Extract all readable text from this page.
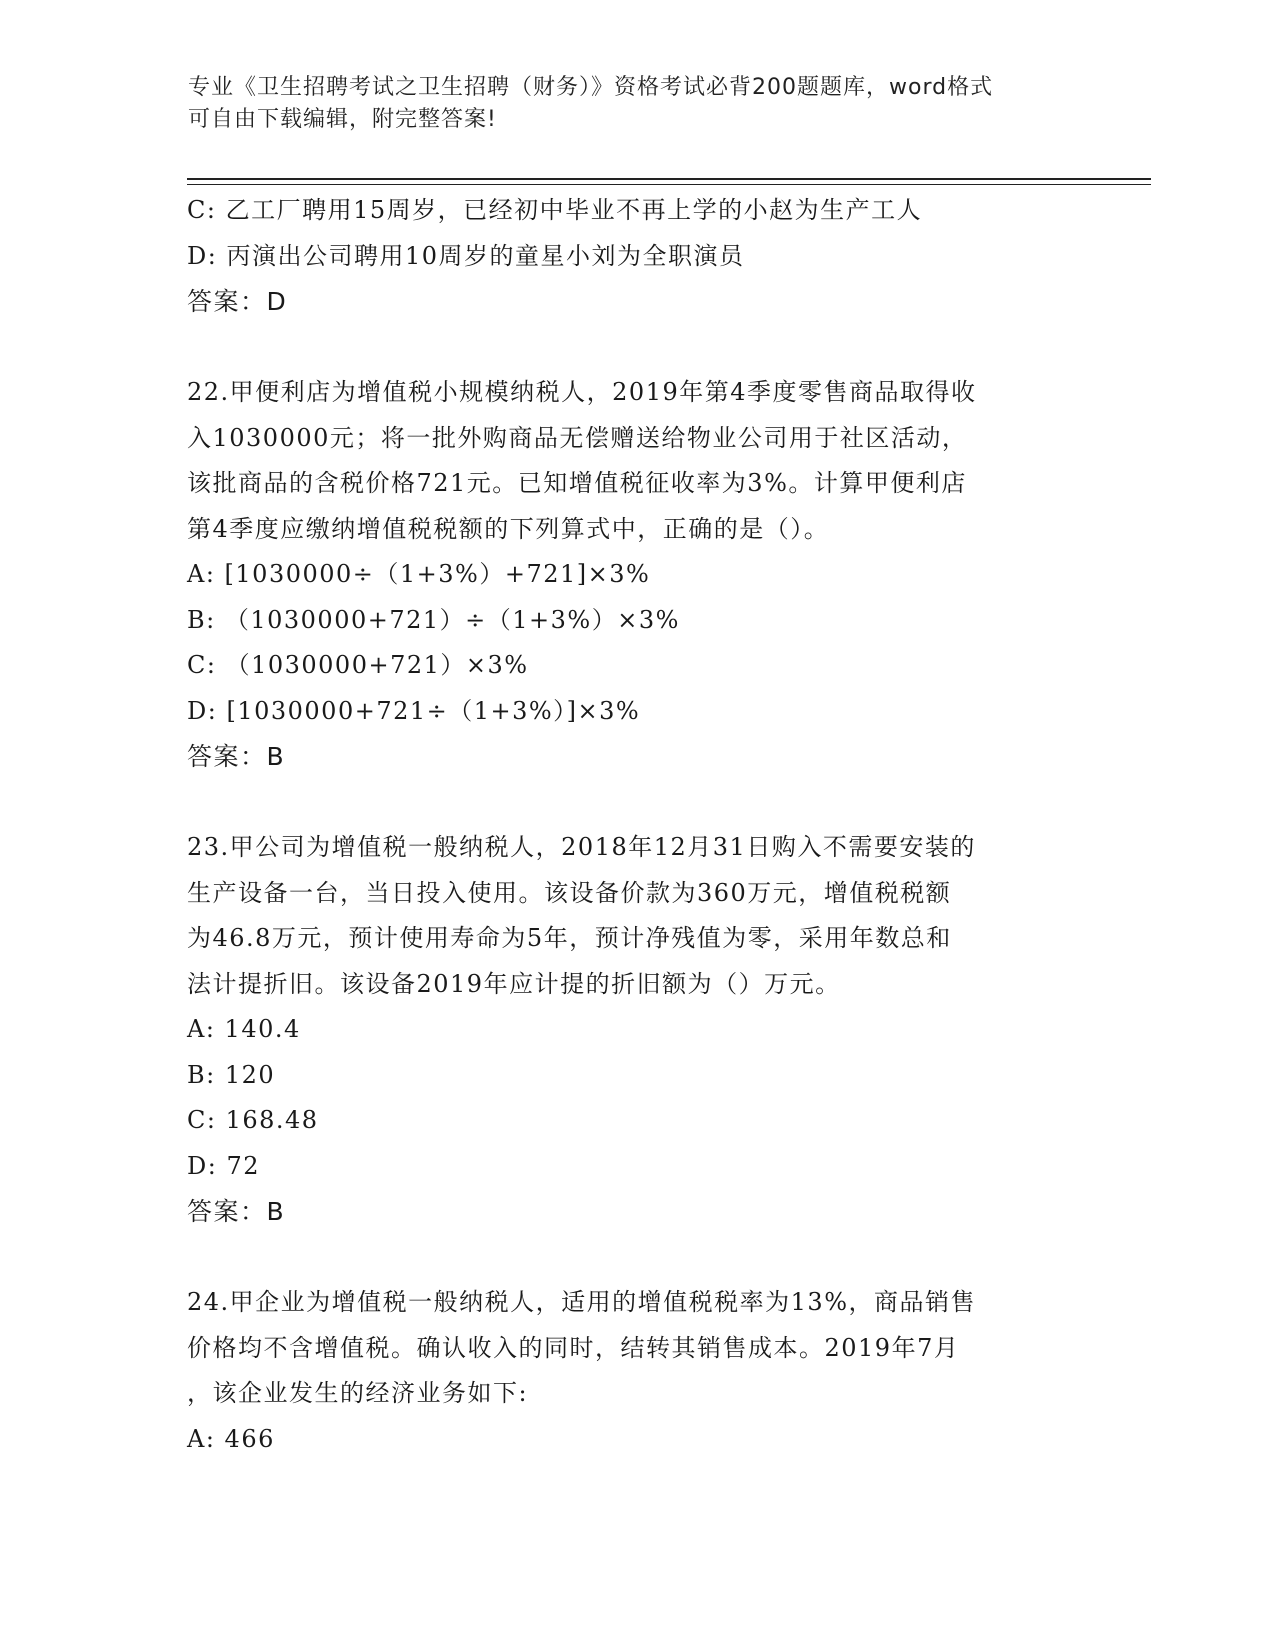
专业《卫生招聘考试之卫生招聘（财务）》资格考试必背200题题库，word格式
可自由下载编辑，附完整答案!
C: 乙工厂聘用15周岁，已经初中毕业不再上学的小赵为生产工人
D: 丙演出公司聘用10周岁的童星小刘为全职演员
答案：D
22.甲便利店为增值税小规模纳税人，2019年第4季度零售商品取得收
入1030000元；将一批外购商品无偿赠送给物业公司用于社区活动，
该批商品的含税价格721元。已知增值税征收率为3%。计算甲便利店
第4季度应缴纳增值税税额的下列算式中，正确的是（）。
A: [1030000÷（1+3%）+721]×3%
B: （1030000+721）÷（1+3%）×3%
C: （1030000+721）×3%
D: [1030000+721÷（1+3%）]×3%
答案：B
23.甲公司为增值税一般纳税人，2018年12月31日购入不需要安装的
生产设备一台，当日投入使用。该设备价款为360万元，增值税税额
为46.8万元，预计使用寿命为5年，预计净残值为零，采用年数总和
法计提折旧。该设备2019年应计提的折旧额为（）万元。
A: 140.4
B: 120
C: 168.48
D: 72
答案：B
24.甲企业为增值税一般纳税人，适用的增值税税率为13%，商品销售
价格均不含增值税。确认收入的同时，结转其销售成本。2019年7月
，该企业发生的经济业务如下:
A: 466
